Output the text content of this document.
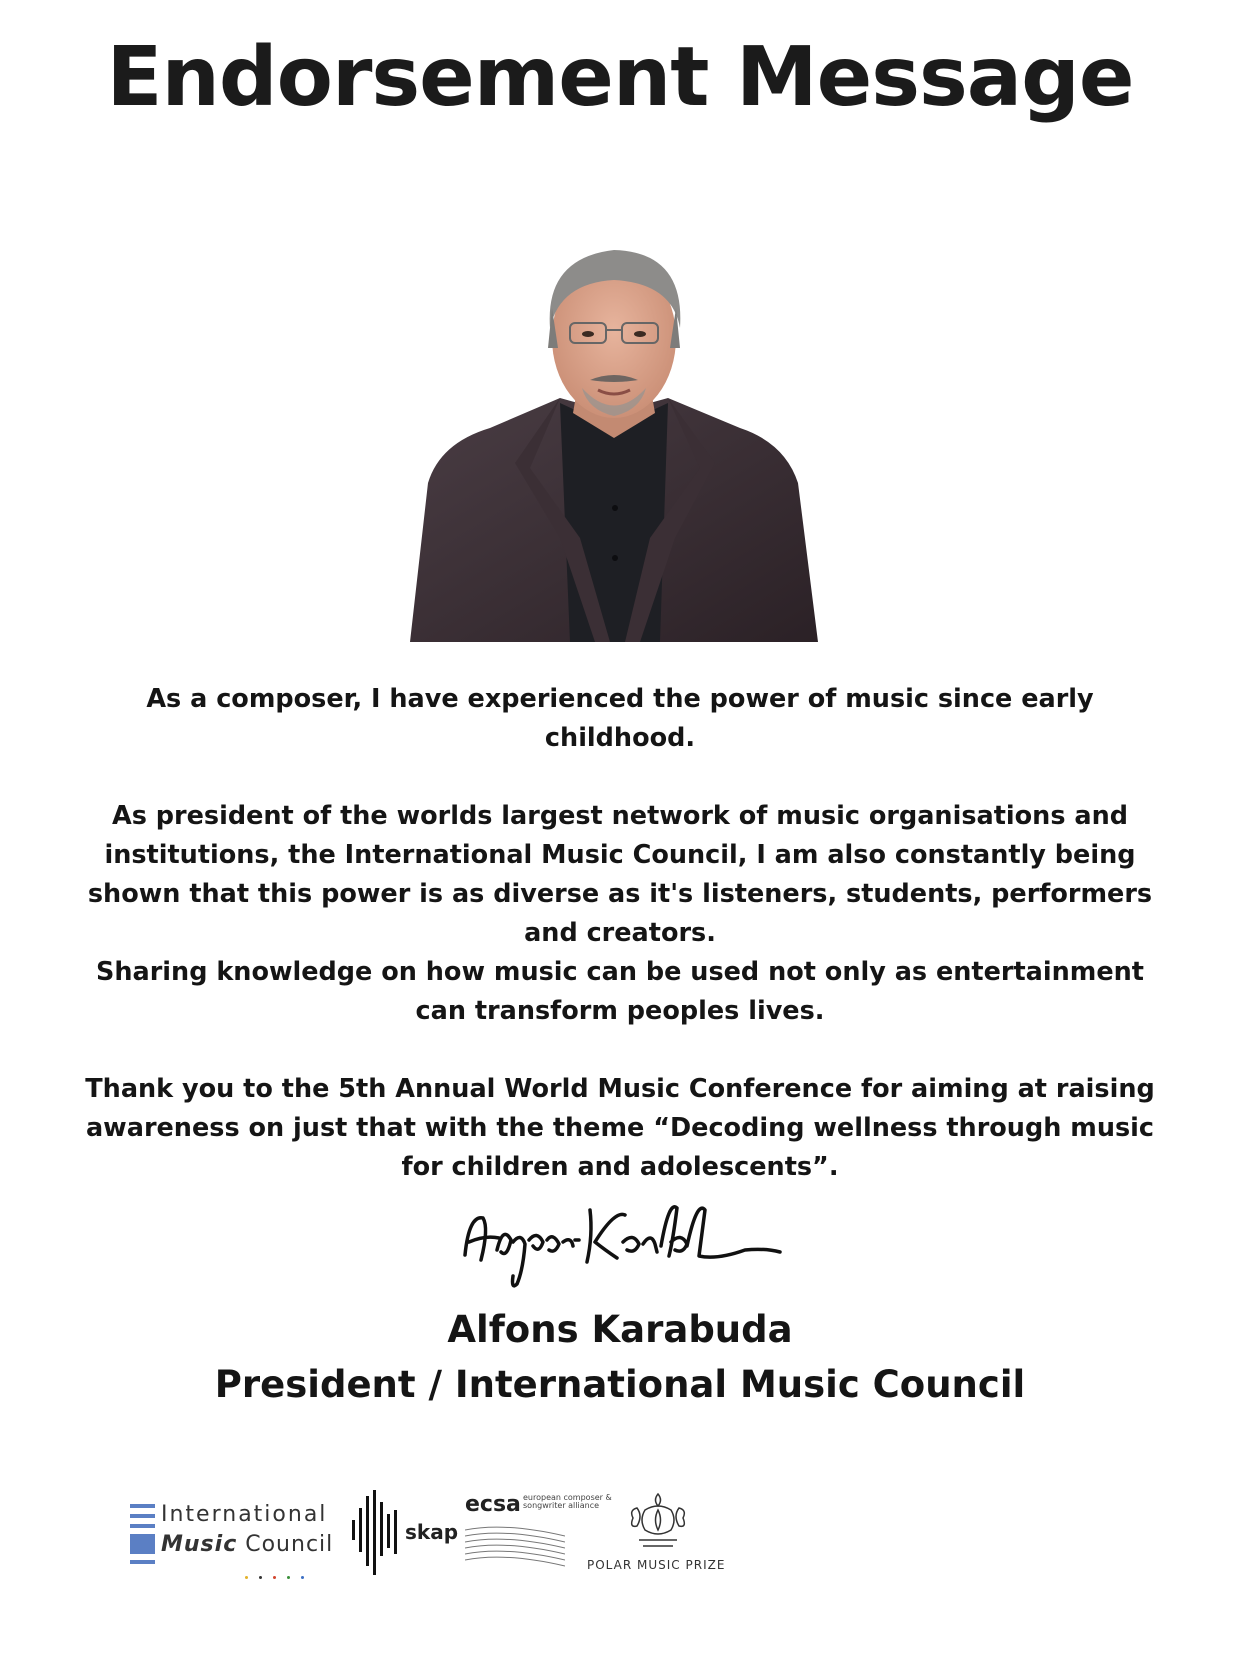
Endorsement Message

As a composer, I have experienced the power of music since early childhood.

As president of the worlds largest network of music organisations and institutions, the International Music Council, I am also constantly being shown that this power is as diverse as it's listeners, students, performers and creators.

Sharing knowledge on how music can be used not only as entertainment can transform peoples lives.

Thank you to the 5th Annual World Music Conference for aiming at raising awareness on just that with the theme “Decoding wellness through music for children and adolescents”.

Alfons Karabuda
President / International Music Council
International
Music Council	skap
ecsa european composer & songwriter alliance
POLAR MUSIC PRIZE
